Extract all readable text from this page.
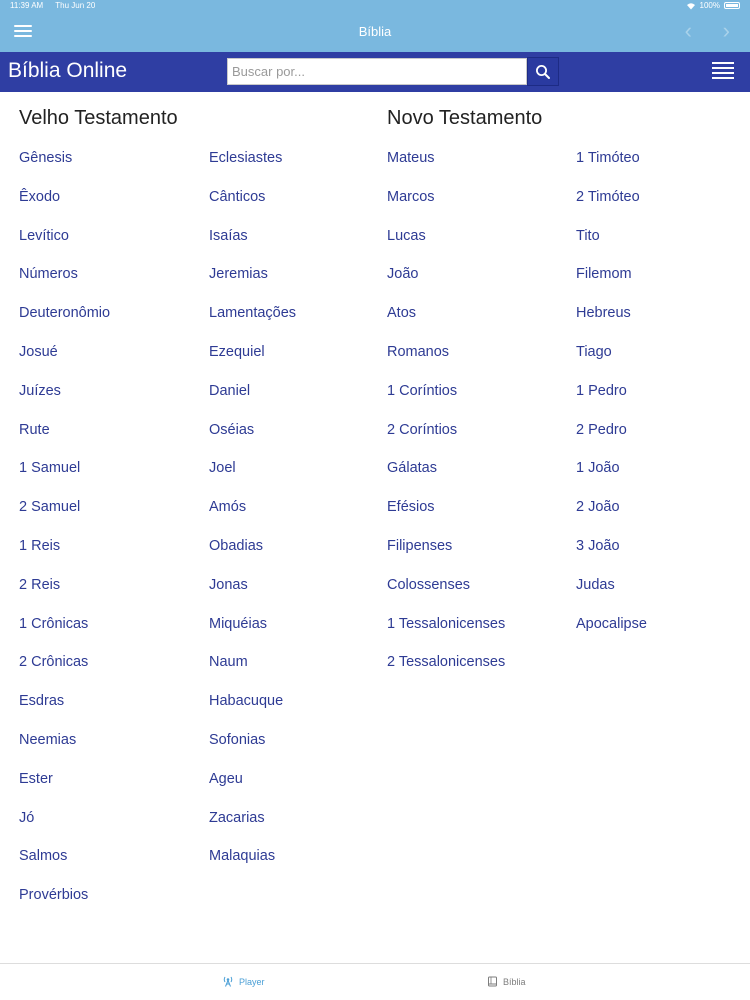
11:39 AM Thu Jun 20	100%
Bíblia	‹ ›
Bíblia Online
Buscar por...
Velho Testamento	Novo Testamento
Gênesis
Êxodo
Levítico
Números
Deuteronômio
Josué
Juízes
Rute
1 Samuel
2 Samuel
1 Reis
2 Reis
1 Crônicas
2 Crônicas
Esdras
Neemias
Ester
Jó
Salmos
Provérbios
Eclesiastes
Cânticos
Isaías
Jeremias
Lamentações
Ezequiel
Daniel
Oséias
Joel
Amós
Obadias
Jonas
Miquéias
Naum
Habacuque
Sofonias
Ageu
Zacarias
Malaquias
Mateus
Marcos
Lucas
João
Atos
Romanos
1 Coríntios
2 Coríntios
Gálatas
Efésios
Filipenses
Colossenses
1 Tessalonicenses
2 Tessalonicenses
1 Timóteo
2 Timóteo
Tito
Filemom
Hebreus
Tiago
1 Pedro
2 Pedro
1 João
2 João
3 João
Judas
Apocalipse
Player	Bíblia
